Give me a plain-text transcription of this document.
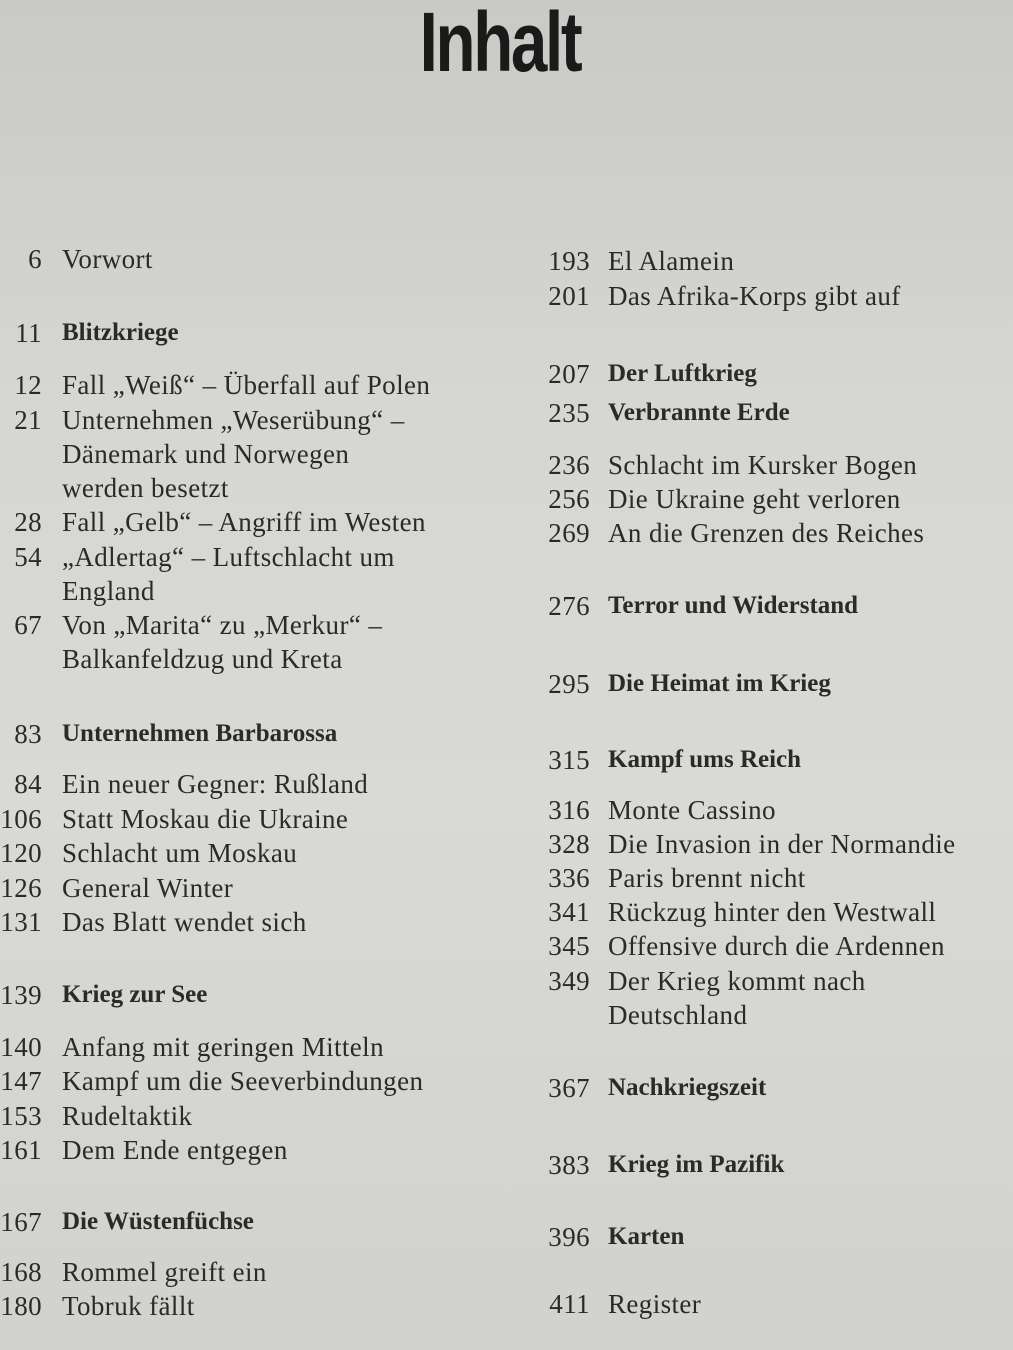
Inhalt
6 Vorwort
11 Blitzkriege
12 Fall „Weiß“ – Überfall auf Polen
21 Unternehmen „Weserübung“ –
Dänemark und Norwegen
werden besetzt
28 Fall „Gelb“ – Angriff im Westen
54 „Adlertag“ – Luftschlacht um
England
67 Von „Marita“ zu „Merkur“ –
Balkanfeldzug und Kreta
83 Unternehmen Barbarossa
84 Ein neuer Gegner: Rußland
106 Statt Moskau die Ukraine
120 Schlacht um Moskau
126 General Winter
131 Das Blatt wendet sich
139 Krieg zur See
140 Anfang mit geringen Mitteln
147 Kampf um die Seeverbindungen
153 Rudeltaktik
161 Dem Ende entgegen
167 Die Wüstenfüchse
168 Rommel greift ein
180 Tobruk fällt
193 El Alamein
201 Das Afrika-Korps gibt auf
207 Der Luftkrieg
235 Verbrannte Erde
236 Schlacht im Kursker Bogen
256 Die Ukraine geht verloren
269 An die Grenzen des Reiches
276 Terror und Widerstand
295 Die Heimat im Krieg
315 Kampf ums Reich
316 Monte Cassino
328 Die Invasion in der Normandie
336 Paris brennt nicht
341 Rückzug hinter den Westwall
345 Offensive durch die Ardennen
349 Der Krieg kommt nach
Deutschland
367 Nachkriegszeit
383 Krieg im Pazifik
396 Karten
411 Register
